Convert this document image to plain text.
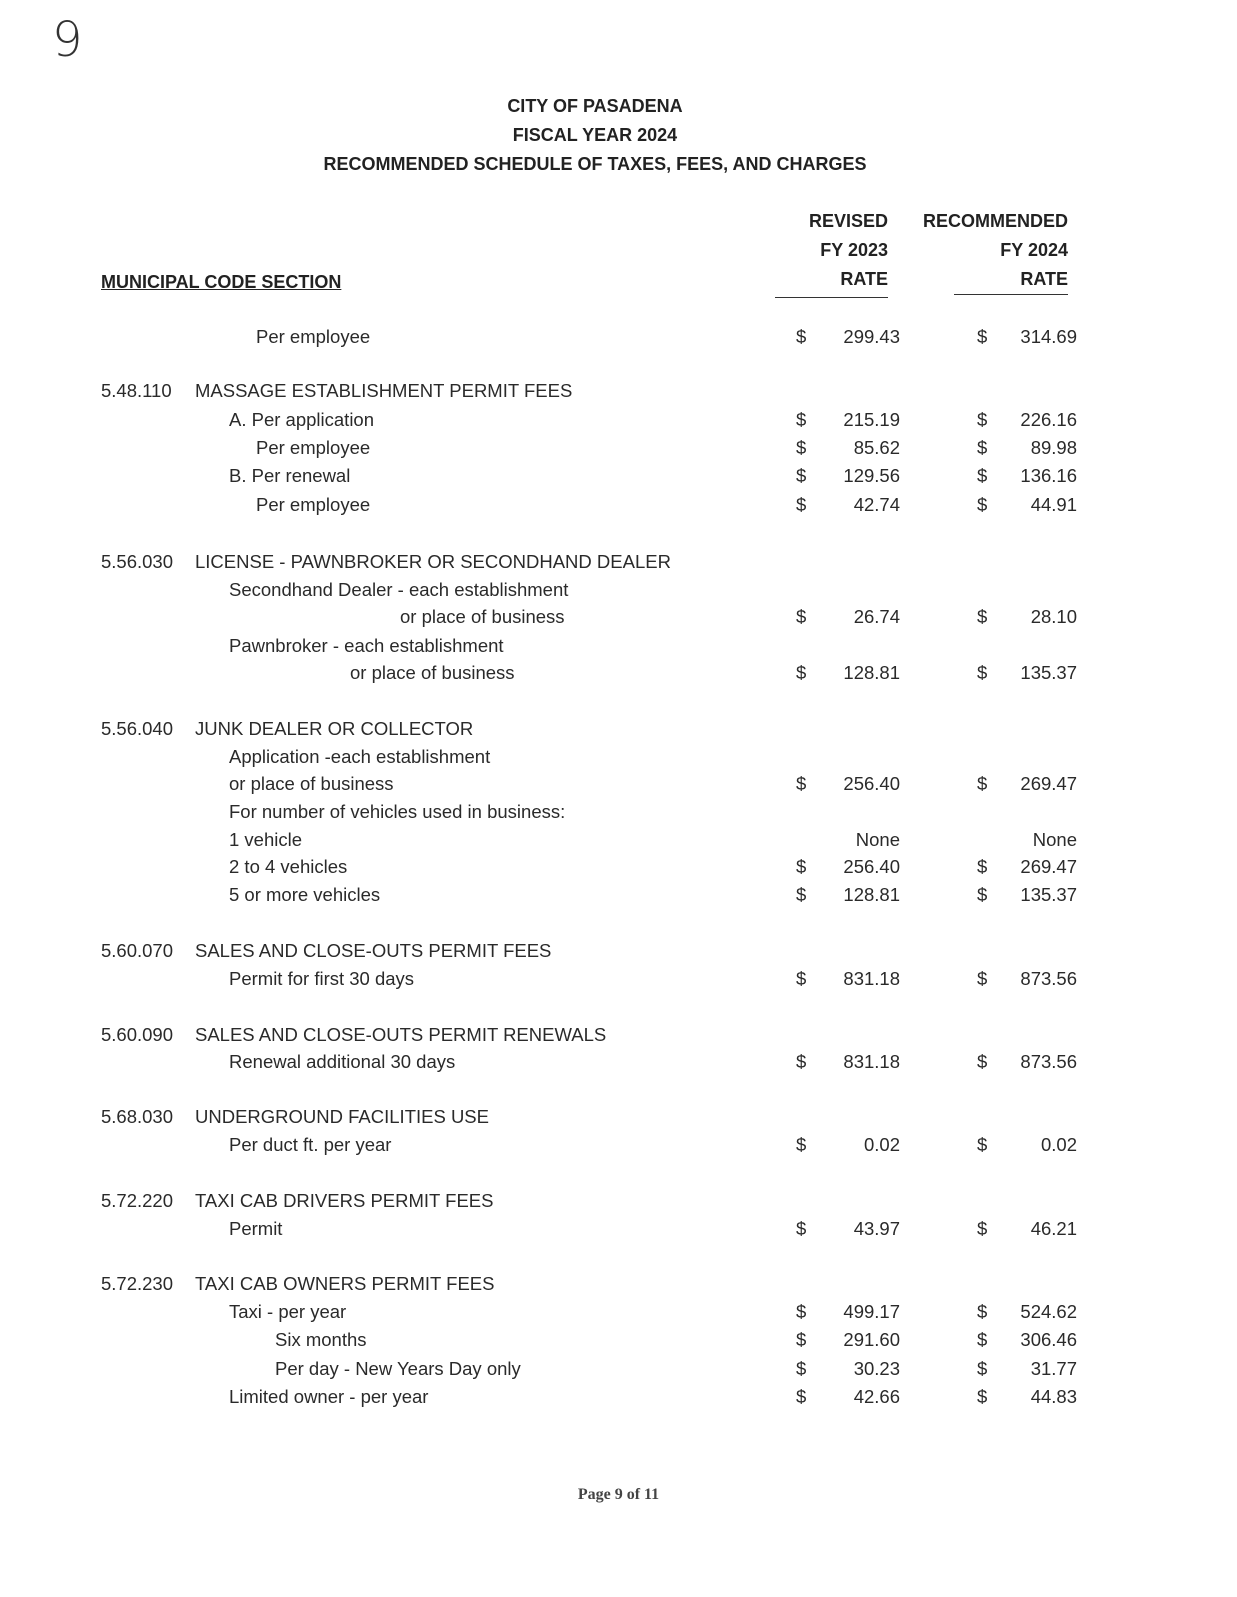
9
CITY OF PASADENA
FISCAL YEAR 2024
RECOMMENDED SCHEDULE OF TAXES, FEES, AND CHARGES
REVISED
FY 2023
RATE
RECOMMENDED
FY 2024
RATE
MUNICIPAL CODE SECTION
Per employee	$ 299.43	$ 314.69
5.48.110 MASSAGE ESTABLISHMENT PERMIT FEES
A. Per application	$ 215.19	$ 226.16
Per employee	$	85.62	$ 89.98
B. Per renewal	$ 129.56	$ 136.16
Per employee	$	42.74	$ 44.91
5.56.030 LICENSE - PAWNBROKER OR SECONDHAND DEALER
Secondhand Dealer - each establishment
or place of business	$	26.74	$ 28.10
Pawnbroker - each establishment
or place of business	$ 128.81	$ 135.37
5.56.040 JUNK DEALER OR COLLECTOR
Application -each establishment
or place of business	$ 256.40	$ 269.47
For number of vehicles used in business:
1 vehicle	None	None
2 to 4 vehicles	$ 256.40	$ 269.47
5 or more vehicles	$ 128.81	$ 135.37
5.60.070 SALES AND CLOSE-OUTS PERMIT FEES
Permit for first 30 days	$ 831.18	$ 873.56
5.60.090 SALES AND CLOSE-OUTS PERMIT RENEWALS
Renewal additional 30 days	$ 831.18	$ 873.56
5.68.030 UNDERGROUND FACILITIES USE
Per duct ft. per year	$	0.02	$	0.02
5.72.220 TAXI CAB DRIVERS PERMIT FEES
Permit	$	43.97	$ 46.21
5.72.230 TAXI CAB OWNERS PERMIT FEES
Taxi - per year	$ 499.17	$ 524.62
Six months	$ 291.60	$ 306.46
Per day - New Years Day only	$	30.23	$ 31.77
Limited owner - per year	$	42.66	$ 44.83
Page 9 of 11
